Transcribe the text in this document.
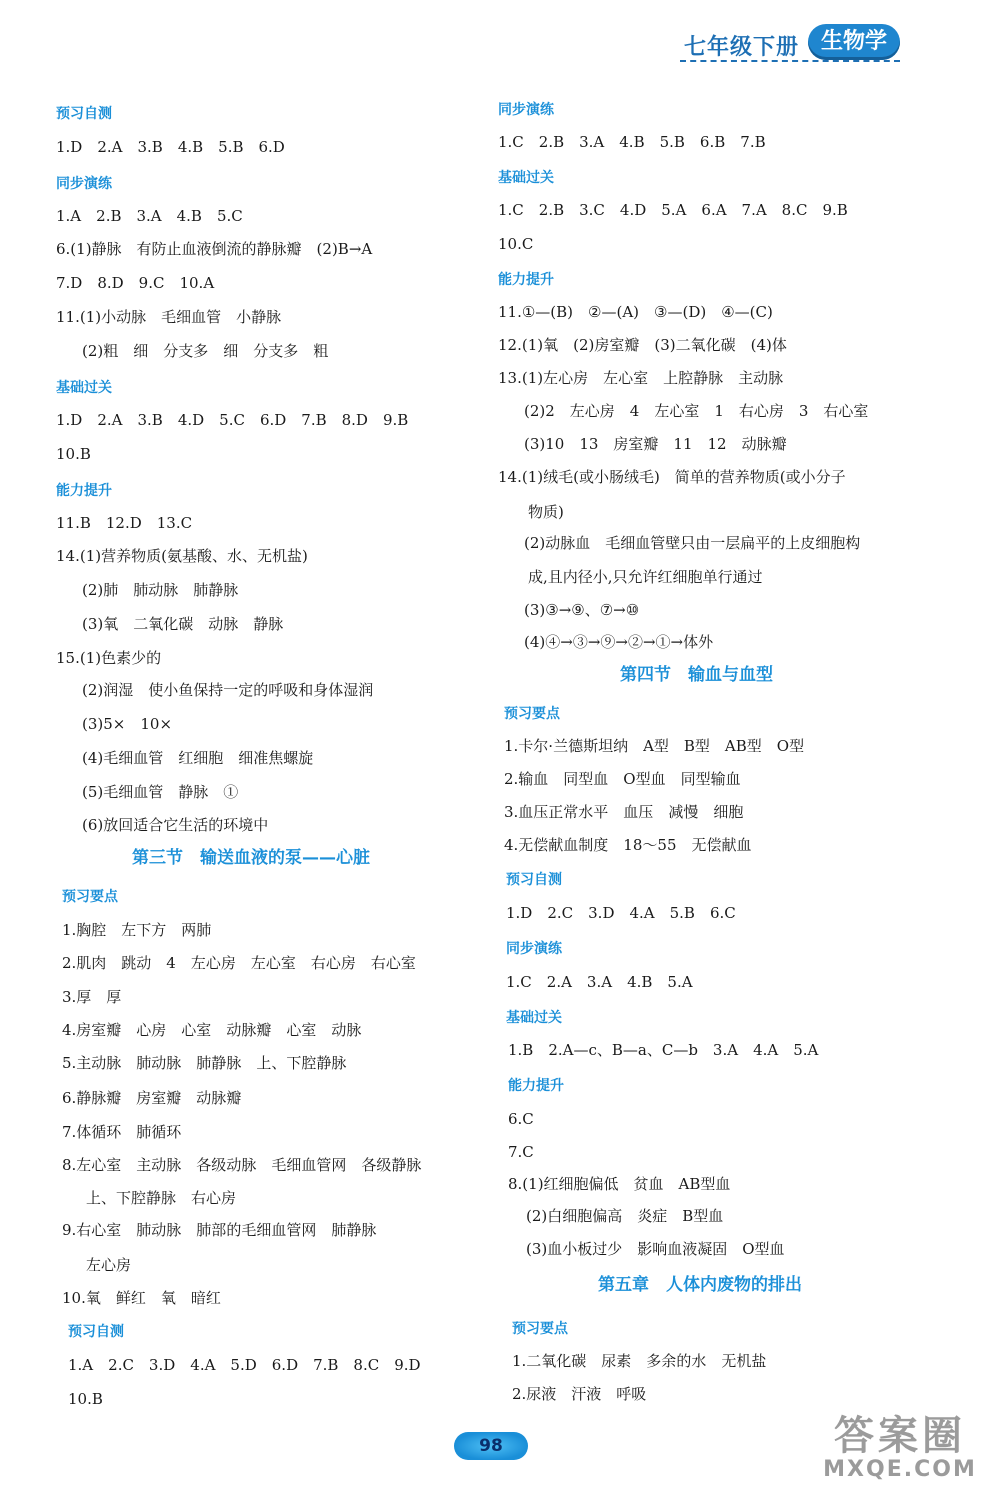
七年级下册 生物学
预习自测
1.D　2.A　3.B　4.B　5.B　6.D
同步演练
1.A　2.B　3.A　4.B　5.C
6.(1)静脉　有防止血液倒流的静脉瓣　(2)B→A
7.D　8.D　9.C　10.A
11.(1)小动脉　毛细血管　小静脉
(2)粗　细　分支多　细　分支多　粗
基础过关
1.D　2.A　3.B　4.D　5.C　6.D　7.B　8.D　9.B
10.B
能力提升
11.B　12.D　13.C
14.(1)营养物质(氨基酸、水、无机盐)
(2)肺　肺动脉　肺静脉
(3)氧　二氧化碳　动脉　静脉
15.(1)色素少的
(2)润湿　使小鱼保持一定的呼吸和身体湿润
(3)5×　10×
(4)毛细血管　红细胞　细准焦螺旋
(5)毛细血管　静脉　①
(6)放回适合它生活的环境中
第三节　输送血液的泵——心脏
预习要点
1.胸腔　左下方　两肺
2.肌肉　跳动　4　左心房　左心室　右心房　右心室
3.厚　厚
4.房室瓣　心房　心室　动脉瓣　心室　动脉
5.主动脉　肺动脉　肺静脉　上、下腔静脉
6.静脉瓣　房室瓣　动脉瓣
7.体循环　肺循环
8.左心室　主动脉　各级动脉　毛细血管网　各级静脉
上、下腔静脉　右心房
9.右心室　肺动脉　肺部的毛细血管网　肺静脉
左心房
10.氧　鲜红　氧　暗红
预习自测
1.A　2.C　3.D　4.A　5.D　6.D　7.B　8.C　9.D
10.B
同步演练
1.C　2.B　3.A　4.B　5.B　6.B　7.B
基础过关
1.C　2.B　3.C　4.D　5.A　6.A　7.A　8.C　9.B
10.C
能力提升
11.①—(B)　②—(A)　③—(D)　④—(C)
12.(1)氧　(2)房室瓣　(3)二氧化碳　(4)体
13.(1)左心房　左心室　上腔静脉　主动脉
(2)2　左心房　4　左心室　1　右心房　3　右心室
(3)10　13　房室瓣　11　12　动脉瓣
14.(1)绒毛(或小肠绒毛)　简单的营养物质(或小分子
物质)
(2)动脉血　毛细血管壁只由一层扁平的上皮细胞构
成,且内径小,只允许红细胞单行通过
(3)③→⑨、⑦→⑩
(4)④→③→⑨→②→①→体外
第四节　输血与血型
预习要点
1.卡尔·兰德斯坦纳　A型　B型　AB型　O型
2.输血　同型血　O型血　同型输血
3.血压正常水平　血压　减慢　细胞
4.无偿献血制度　18～55　无偿献血
预习自测
1.D　2.C　3.D　4.A　5.B　6.C
同步演练
1.C　2.A　3.A　4.B　5.A
基础过关
1.B　2.A—c、B—a、C—b　3.A　4.A　5.A
能力提升
6.C
7.C
8.(1)红细胞偏低　贫血　AB型血
(2)白细胞偏高　炎症　B型血
(3)血小板过少　影响血液凝固　O型血
第五章　人体内废物的排出
预习要点
1.二氧化碳　尿素　多余的水　无机盐
2.尿液　汗液　呼吸
98	答案圈
MXQE.COM
